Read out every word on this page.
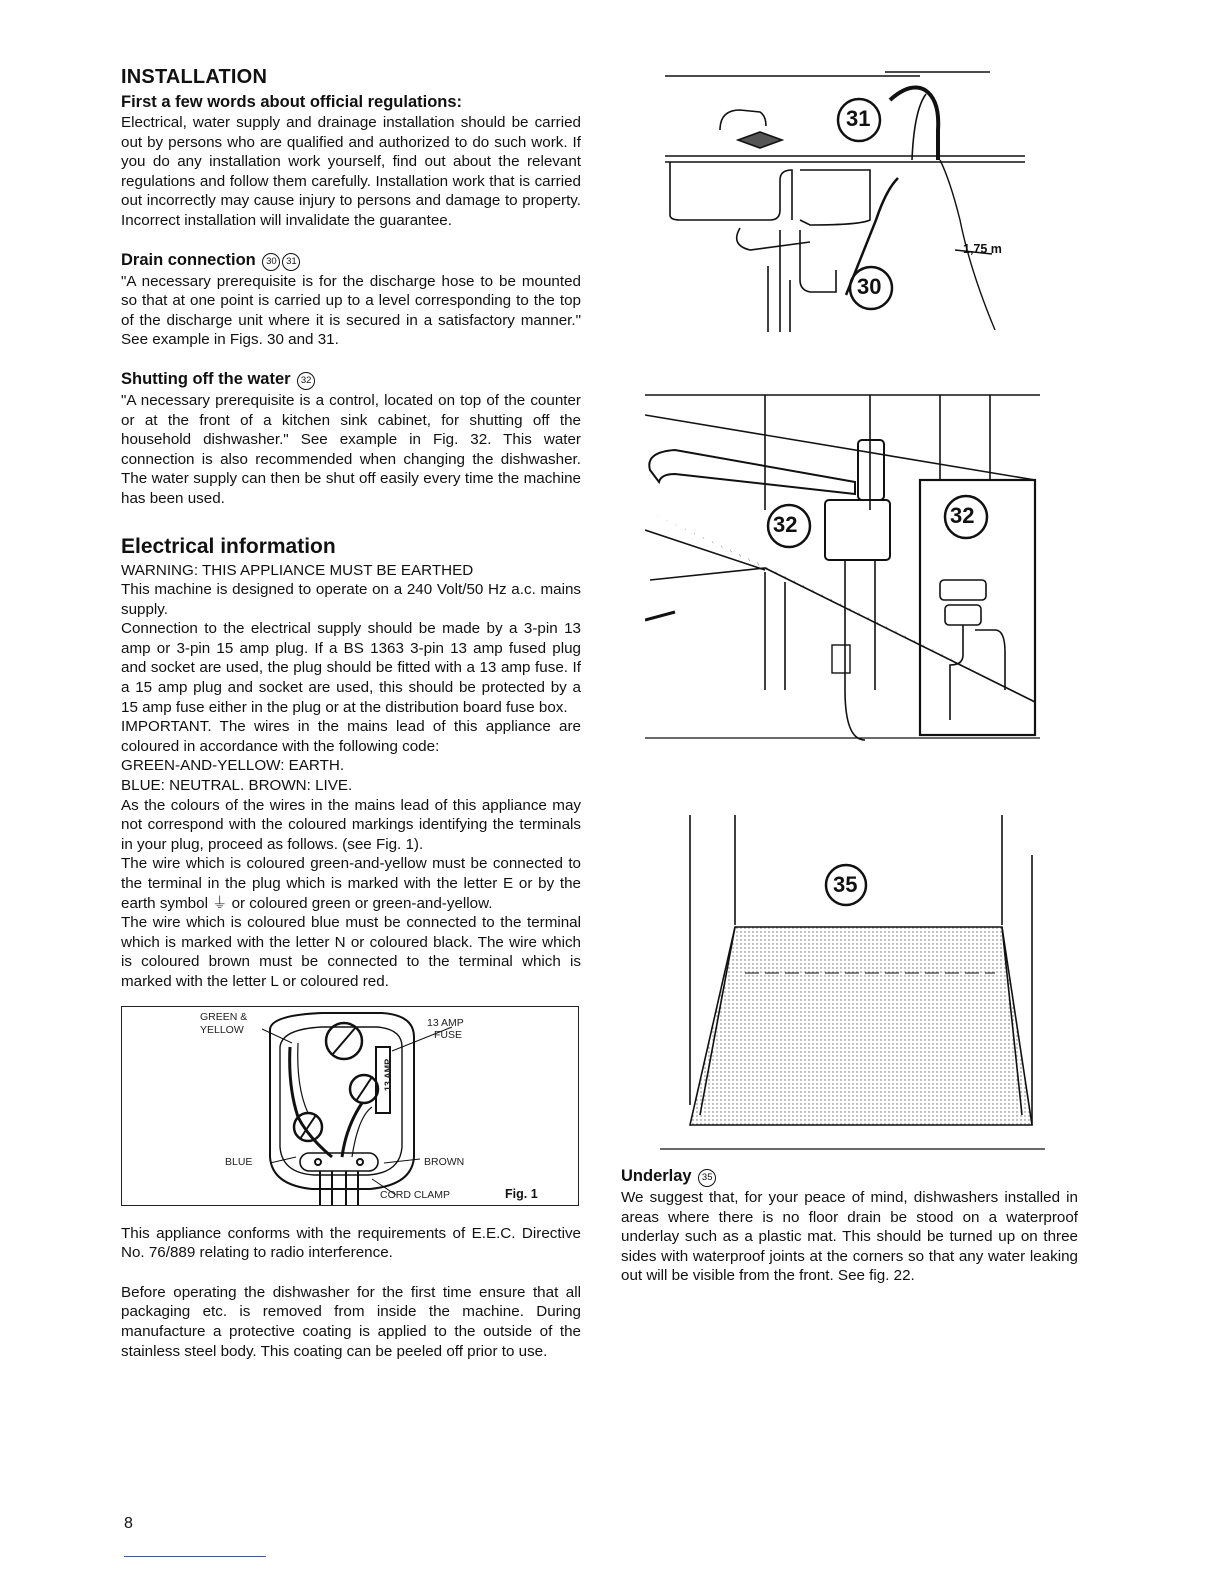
INSTALLATION
First a few words about official regulations:

Electrical, water supply and drainage installation should be carried out by persons who are qualified and authorized to do such work. If you do any installation work yourself, find out about the relevant regulations and follow them carefully. Installation work that is carried out incorrectly may cause injury to persons and damage to property. Incorrect installation will invalidate the guarantee.

Drain connection 30 31

"A necessary prerequisite is for the discharge hose to be mounted so that at one point is carried up to a level corresponding to the top of the discharge unit where it is secured in a satisfactory manner." See example in Figs. 30 and 31.

Shutting off the water 32

"A necessary prerequisite is a control, located on top of the counter or at the front of a kitchen sink cabinet, for shutting off the household dishwasher." See example in Fig. 32. This water connection is also recommended when changing the dishwasher. The water supply can then be shut off easily every time the machine has been used.

Electrical information

WARNING: THIS APPLIANCE MUST BE EARTHED

This machine is designed to operate on a 240 Volt/50 Hz a.c. mains supply.

Connection to the electrical supply should be made by a 3-pin 13 amp or 3-pin 15 amp plug. If a BS 1363 3-pin 13 amp fused plug and socket are used, the plug should be fitted with a 13 amp fuse. If a 15 amp plug and socket are used, this should be protected by a 15 amp fuse either in the plug or at the distribution board fuse box.

IMPORTANT. The wires in the mains lead of this appliance are coloured in accordance with the following code:

GREEN-AND-YELLOW: EARTH.

BLUE: NEUTRAL. BROWN: LIVE.

As the colours of the wires in the mains lead of this appliance may not correspond with the coloured markings identifying the terminals in your plug, proceed as follows. (see Fig. 1).

The wire which is coloured green-and-yellow must be connected to the terminal in the plug which is marked with the letter E or by the earth symbol ⏚ or coloured green or green-and-yellow.

The wire which is coloured blue must be connected to the terminal which is marked with the letter N or coloured black. The wire which is coloured brown must be connected to the terminal which is marked with the letter L or coloured red.

GREEN &
YELLOW
13 AMP
FUSE
13 AMP
BLUE	BROWN
CORD CLAMP	Fig. 1

This appliance conforms with the requirements of E.E.C. Directive No. 76/889 relating to radio interference.

Before operating the dishwasher for the first time ensure that all packaging etc. is removed from inside the machine. During manufacture a protective coating is applied to the outside of the stainless steel body. This coating can be peeled off prior to use.

31
30
1,75 m
32	32
35
Underlay 35

We suggest that, for your peace of mind, dishwashers installed in areas where there is no floor drain be stood on a waterproof underlay such as a plastic mat. This should be turned up on three sides with waterproof joints at the corners so that any water leaking out will be visible from the front. See fig. 22.

8
